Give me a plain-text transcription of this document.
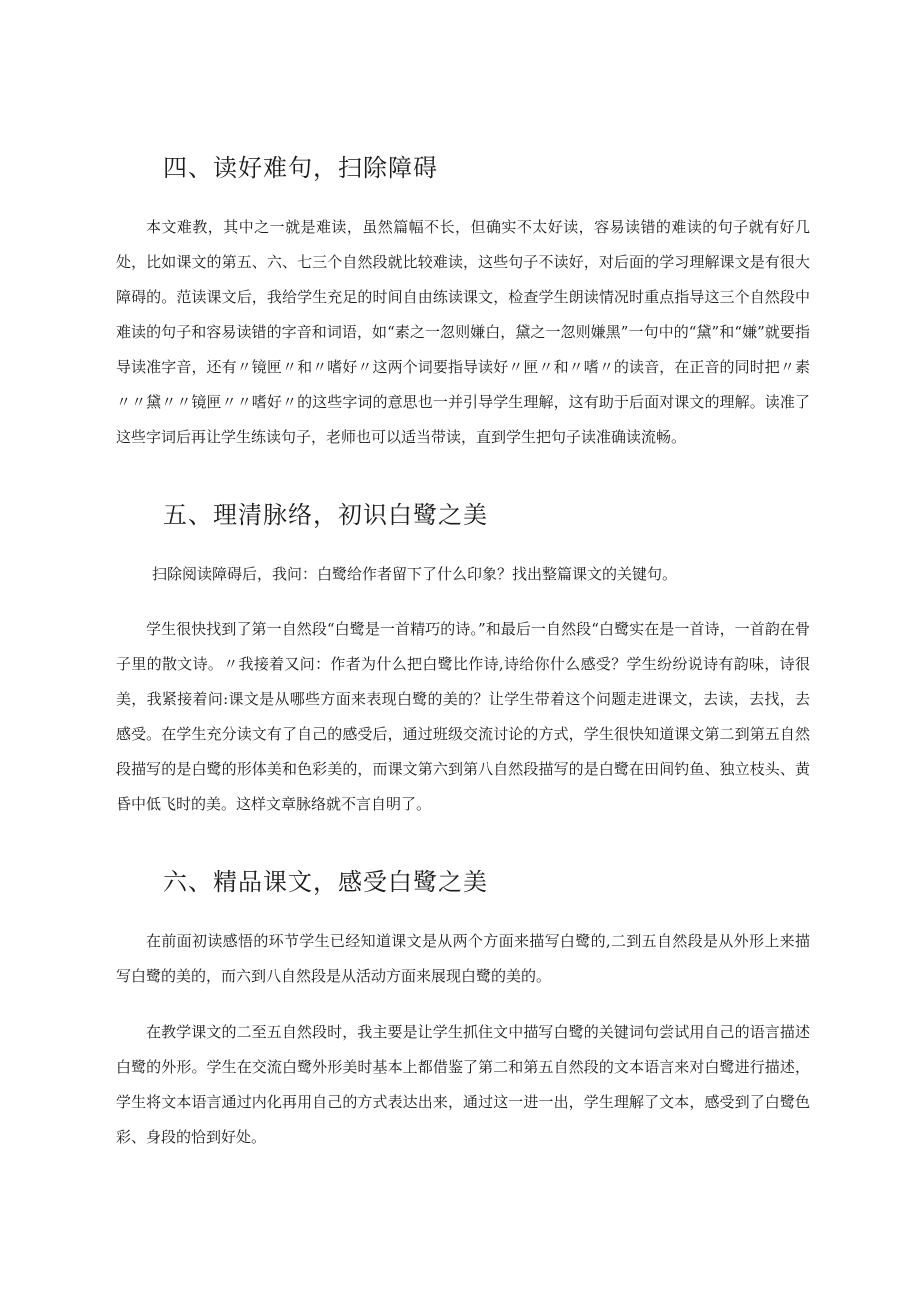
四、读好难句，扫除障碍

本文难教，其中之一就是难读，虽然篇幅不长，但确实不太好读，容易读错的难读的句子就有好几处，比如课文的第五、六、七三个自然段就比较难读，这些句子不读好，对后面的学习理解课文是有很大障碍的。范读课文后，我给学生充足的时间自由练读课文，检查学生朗读情况时重点指导这三个自然段中难读的句子和容易读错的字音和词语，如“素之一忽则嫌白，黛之一忽则嫌黑”一句中的“黛”和“嫌”就要指导读准字音，还有〃镜匣〃和〃嗜好〃这两个词要指导读好〃匣〃和〃嗜〃的读音，在正音的同时把〃素〃〃黛〃〃镜匣〃〃嗜好〃的这些字词的意思也一并引导学生理解，这有助于后面对课文的理解。读准了这些字词后再让学生练读句子，老师也可以适当带读，直到学生把句子读准确读流畅。

五、理清脉络，初识白鹭之美

扫除阅读障碍后，我问：白鹭给作者留下了什么印象？找出整篇课文的关键句。

学生很快找到了第一自然段“白鹭是一首精巧的诗。”和最后一自然段“白鹭实在是一首诗，一首韵在骨子里的散文诗。〃我接着又问：作者为什么把白鹭比作诗,诗给你什么感受？学生纷纷说诗有韵味，诗很美，我紧接着问:课文是从哪些方面来表现白鹭的美的？让学生带着这个问题走进课文，去读，去找，去感受。在学生充分读文有了自己的感受后，通过班级交流讨论的方式，学生很快知道课文第二到第五自然段描写的是白鹭的形体美和色彩美的，而课文第六到第八自然段描写的是白鹭在田间钓鱼、独立枝头、黄昏中低飞时的美。这样文章脉络就不言自明了。

六、精品课文，感受白鹭之美

在前面初读感悟的环节学生已经知道课文是从两个方面来描写白鹭的,二到五自然段是从外形上来描写白鹭的美的，而六到八自然段是从活动方面来展现白鹭的美的。

在教学课文的二至五自然段时，我主要是让学生抓住文中描写白鹭的关键词句尝试用自己的语言描述白鹭的外形。学生在交流白鹭外形美时基本上都借鉴了第二和第五自然段的文本语言来对白鹭进行描述，学生将文本语言通过内化再用自己的方式表达出来，通过这一进一出，学生理解了文本，感受到了白鹭色彩、身段的恰到好处。
